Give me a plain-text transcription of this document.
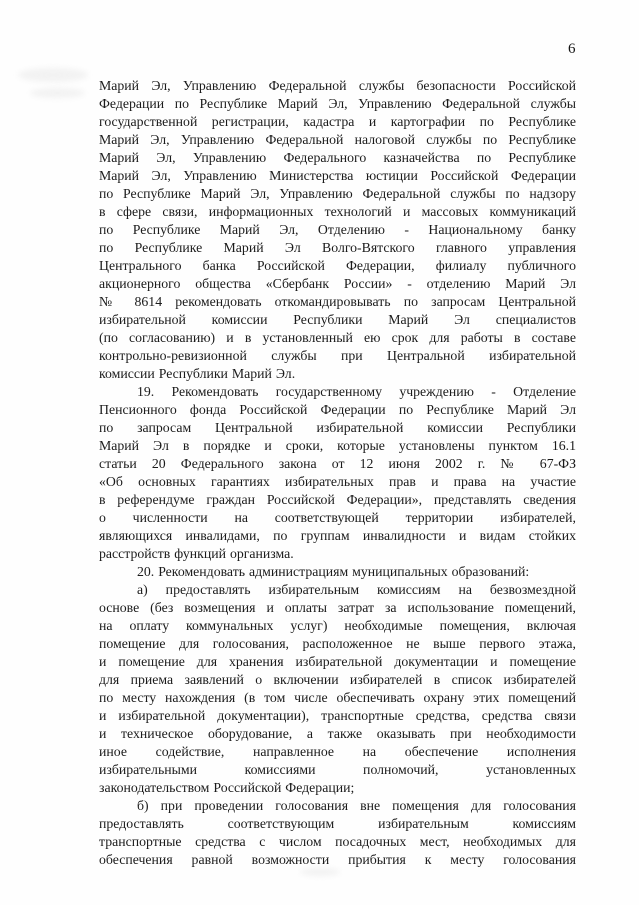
6
Марий Эл, Управлению Федеральной службы безопасности Российской
Федерации по Республике Марий Эл, Управлению Федеральной службы
государственной регистрации, кадастра и картографии по Республике
Марий Эл, Управлению Федеральной налоговой службы по Республике
Марий Эл, Управлению Федерального казначейства по Республике
Марий Эл, Управлению Министерства юстиции Российской Федерации
по Республике Марий Эл, Управлению Федеральной службы по надзору
в сфере связи, информационных технологий и массовых коммуникаций
по Республике Марий Эл, Отделению - Национальному банку
по Республике Марий Эл Волго-Вятского главного управления
Центрального банка Российской Федерации, филиалу публичного
акционерного общества «Сбербанк России» - отделению Марий Эл
№ 8614 рекомендовать откомандировывать по запросам Центральной
избирательной комиссии Республики Марий Эл специалистов
(по согласованию) и в установленный ею срок для работы в составе
контрольно-ревизионной службы при Центральной избирательной
комиссии Республики Марий Эл.
19. Рекомендовать государственному учреждению - Отделение
Пенсионного фонда Российской Федерации по Республике Марий Эл
по запросам Центральной избирательной комиссии Республики
Марий Эл в порядке и сроки, которые установлены пунктом 16.1
статьи 20 Федерального закона от 12 июня 2002 г. № 67-ФЗ
«Об основных гарантиях избирательных прав и права на участие
в референдуме граждан Российской Федерации», представлять сведения
о численности на соответствующей территории избирателей,
являющихся инвалидами, по группам инвалидности и видам стойких
расстройств функций организма.
20. Рекомендовать администрациям муниципальных образований:
а) предоставлять избирательным комиссиям на безвозмездной
основе (без возмещения и оплаты затрат за использование помещений,
на оплату коммунальных услуг) необходимые помещения, включая
помещение для голосования, расположенное не выше первого этажа,
и помещение для хранения избирательной документации и помещение
для приема заявлений о включении избирателей в список избирателей
по месту нахождения (в том числе обеспечивать охрану этих помещений
и избирательной документации), транспортные средства, средства связи
и техническое оборудование, а также оказывать при необходимости
иное содействие, направленное на обеспечение исполнения
избирательными комиссиями полномочий, установленных
законодательством Российской Федерации;
б) при проведении голосования вне помещения для голосования
предоставлять соответствующим избирательным комиссиям
транспортные средства с числом посадочных мест, необходимых для
обеспечения равной возможности прибытия к месту голосования
